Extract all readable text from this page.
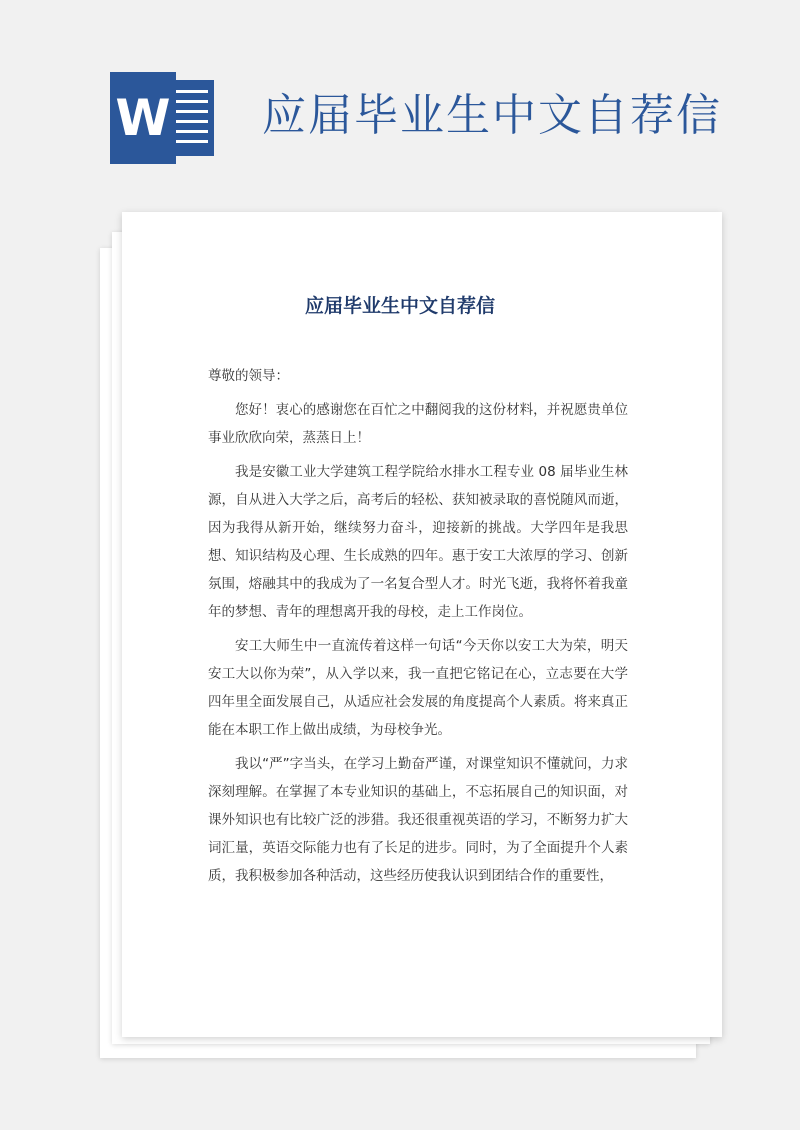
W 应届毕业生中文自荐信
应届毕业生中文自荐信

尊敬的领导：

您好！衷心的感谢您在百忙之中翻阅我的这份材料，并祝愿贵单位事业欣欣向荣，蒸蒸日上！

我是安徽工业大学建筑工程学院给水排水工程专业 08 届毕业生林源，自从进入大学之后，高考后的轻松、获知被录取的喜悦随风而逝，因为我得从新开始，继续努力奋斗，迎接新的挑战。大学四年是我思想、知识结构及心理、生长成熟的四年。惠于安工大浓厚的学习、创新氛围，熔融其中的我成为了一名复合型人才。时光飞逝，我将怀着我童年的梦想、青年的理想离开我的母校，走上工作岗位。

安工大师生中一直流传着这样一句话“今天你以安工大为荣，明天安工大以你为荣”，从入学以来，我一直把它铭记在心，立志要在大学四年里全面发展自己，从适应社会发展的角度提高个人素质。将来真正能在本职工作上做出成绩，为母校争光。

我以“严”字当头，在学习上勤奋严谨，对课堂知识不懂就问，力求深刻理解。在掌握了本专业知识的基础上，不忘拓展自己的知识面，对课外知识也有比较广泛的涉猎。我还很重视英语的学习，不断努力扩大词汇量，英语交际能力也有了长足的进步。同时，为了全面提升个人素质，我积极参加各种活动，这些经历使我认识到团结合作的重要性，
